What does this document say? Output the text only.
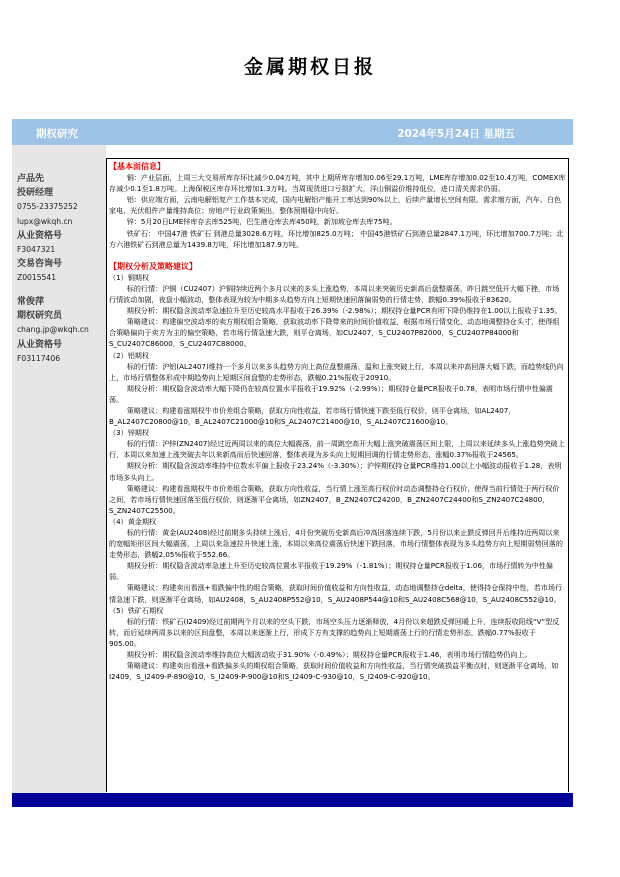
金属期权日报
期权研究	2024年5月24日 星期五
卢品先
投研经理
0755-23375252
lupx@wkqh.cn
从业资格号
F3047321
交易咨询号
Z0015541
常俊萍
期权研究员
chang.jp@wkqh.cn
从业资格号
F03117406
【基本面信息】

铜：产业层面，上周三大交易所库存环比减少0.04万吨，其中上期所库存增加0.06至29.1万吨，LME库存增加0.02至10.4万吨，COMEX库存减少0.1至1.8万吨。上海保税区库存环比增加1.3万吨。当周现货进口亏损扩大，洋山铜溢价维持低位，进口清关需求仍弱。

铝：供应端方面，云南电解铝复产工作基本完成，国内电解铝产能开工率达到90%以上，后续产量增长空间有限。需求端方面，汽车、白色家电、光伏组件产量维持高位；房地产行业政策频出，整体预期稳中向好。

锌：5月20日LME锌库存去库525吨，巴生港仓库去库450吨，新加坡仓库去库75吨。

铁矿石： 中国47港 铁矿石 到港总量3028.6万吨，环比增加825.0万吨； 中国45港铁矿石到港总量2847.1万吨，环比增加700.7万吨；北方六港铁矿石到港总量为1439.8万吨，环比增加187.9万吨。

【期权分析及策略建议】

（1）铜期权

标的行情：沪铜（CU2407）沪铜持续近两个多月以来的多头上涨趋势，本周以来突破历史新高后盘整震荡，昨日跳空低开大幅下挫，市场行情波动加剧，夜盘小幅波动，整体表现为较为中期多头趋势方向上短期快速回落偏弱势的行情走势，跌幅0.39%报收于83620。

期权分析：期权隐含波动率急速拉升至历史较高水平报收于26.39%（-2.98%）；期权持仓量PCR有所下降仍维持在1.00以上报收于1.35。

策略建议：构建偏空波动率的卖方期权组合策略，获取波动率下降带来的时间价值收益，根据市场行情变化，动态地调整持仓头寸，使得组合策略偏向于卖方为主的偏空策略，若市场行情急速大跌，则平仓离场，如CU2407，S_CU2407P82000，S_CU2407P84000和S_CU2407C86000，S_CU2407C88000。

（2）铝期权

标的行情：沪铝(AL2407)维持一个多月以来多头趋势方向上高位盘整震荡，温和上涨突破上行，本周以来冲高回落大幅下跌，而趋势线仍向上，市场行情整体形成中期趋势向上短期区间盘整的走势形态，跌幅0.21%报收于20910。

期权分析：期权隐含波动率大幅下降仍在较高位置水平报收于19.92%（-2.99%）；期权持仓量PCR报收于0.78，表明市场行情中性偏震荡。

策略建议：构建看涨期权牛市价差组合策略，获取方向性收益，若市场行情快速下跌至低行权价，则平仓离场，如AL2407，B_AL2407C20800@10，B_AL2407C21000@10和S_AL2407C21400@10，S_AL2407C21600@10。

（3）锌期权

标的行情：沪锌(ZN2407)经过近两周以来的高位大幅震荡，前一周跳空高开大幅上涨突破震荡区间上限，上周以来延续多头上涨趋势突破上行，本周以来加速上涨突破去年以来新高而后快速回落，整体表现为多头向上短期回调的行情走势形态，涨幅0.37%报收于24565。

期权分析：期权隐含波动率维持中位数水平偏上报收于23.24%（-3.30%）；沪锌期权持仓量PCR维持1.00以上小幅波动报收于1.28，表明市场多头向上。

策略建议：构建看涨期权牛市价差组合策略，获取方向性收益，当行情上涨至高行权价时动态调整持仓行权价，使得当前行情处于两行权价之间，若市场行情快速回落至低行权价，则逐渐平仓离场，如ZN2407，B_ZN2407C24200，B_ZN2407C24400和S_ZN2407C24800，S_ZN2407C25500。

（4）黄金期权

标的行情：黄金(AU2408)经过前期多头持续上涨后，4月份突破历史新高后冲高回落连续下跌，5月份以来止跌反弹回升后维持近两周以来的宽幅矩形区间大幅震荡，上周以来急速拉升快速上涨，本周以来高位震荡后快速下跌回落，市场行情整体表现为多头趋势方向上短期弱势回落的走势形态，跌幅2.05%报收于552.66。

期权分析：期权隐含波动率急速上升至历史较高位置水平报收于19.29%（-1.81%）；期权持仓量PCR报收于1.06，市场行情转为中性偏弱。

策略建议：构建卖出看涨+看跌偏中性的组合策略，获取时间价值收益和方向性收益，动态地调整持仓delta，使得持仓保持中性，若市场行情急速下跌，则逐渐平仓离场，如AU2408，S_AU2408P552@10，S_AU2408P544@10和S_AU2408C568@10，S_AU2408C552@10。

（5）铁矿石期权

标的行情：铁矿石(I2409)经过前期两个月以来的空头下跌，市场空头压力逐渐释放，4月份以来超跌反弹回暖上升，连续报收阳线“V”型反转，而后延续两周多以来的区间盘整，本周以来逐渐上行，形成下方有支撑的趋势向上短期震荡上行的行情走势形态，跌幅0.77%报收于905.00。

期权分析：期权隐含波动率维持高位大幅波动收于31.90%（-0.49%）；期权持仓量PCR报收于1.46，表明市场行情趋势仍向上。

策略建议：构建卖出看涨+看跌偏多头的期权组合策略，获取时间价值收益和方向性收益，当行情突破损益平衡点时，则逐渐平仓离场，如I2409，S_I2409-P-890@10，S_I2409-P-900@10和S_I2409-C-930@10，S_I2409-C-920@10。
